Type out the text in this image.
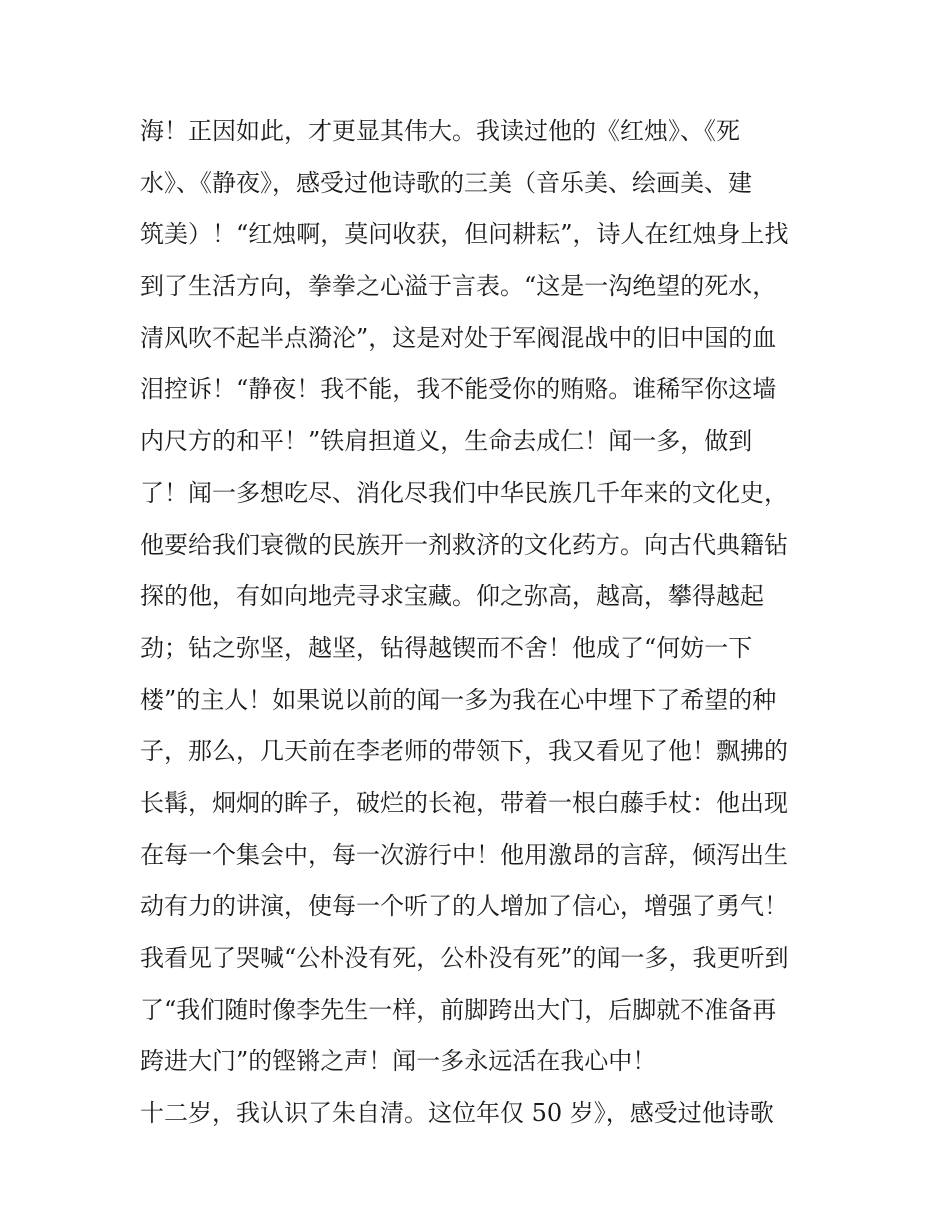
海！正因如此，才更显其伟大。我读过他的《红烛》、《死
水》、《静夜》，感受过他诗歌的三美（音乐美、绘画美、建
筑美）！“红烛啊，莫问收获，但问耕耘”，诗人在红烛身上找
到了生活方向，拳拳之心溢于言表。“这是一沟绝望的死水，
清风吹不起半点漪沦”，这是对处于军阀混战中的旧中国的血
泪控诉！“静夜！我不能，我不能受你的贿赂。谁稀罕你这墙
内尺方的和平！”铁肩担道义，生命去成仁！闻一多，做到
了！闻一多想吃尽、消化尽我们中华民族几千年来的文化史，
他要给我们衰微的民族开一剂救济的文化药方。向古代典籍钻
探的他，有如向地壳寻求宝藏。仰之弥高，越高，攀得越起
劲；钻之弥坚，越坚，钻得越锲而不舍！他成了“何妨一下
楼”的主人！如果说以前的闻一多为我在心中埋下了希望的种
子，那么，几天前在李老师的带领下，我又看见了他！飘拂的
长髯，炯炯的眸子，破烂的长袍，带着一根白藤手杖：他出现
在每一个集会中，每一次游行中！他用激昂的言辞，倾泻出生
动有力的讲演，使每一个听了的人增加了信心，增强了勇气！
我看见了哭喊“公朴没有死，公朴没有死”的闻一多，我更听到
了“我们随时像李先生一样，前脚跨出大门，后脚就不准备再
跨进大门”的铿锵之声！闻一多永远活在我心中！
十二岁，我认识了朱自清。这位年仅 50 岁》，感受过他诗歌
